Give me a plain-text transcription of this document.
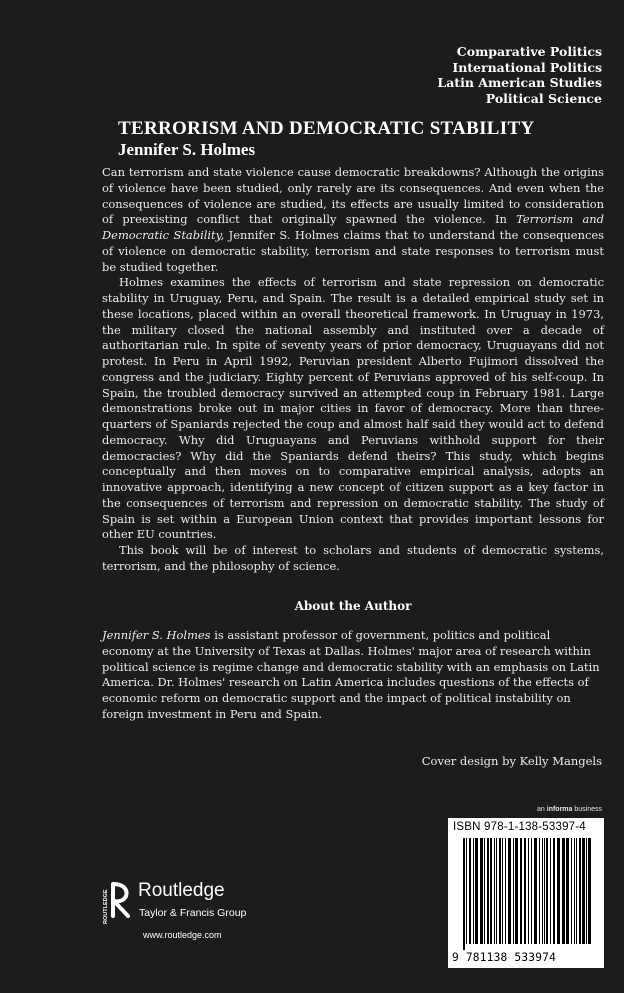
Comparative Politics
International Politics
Latin American Studies
Political Science
TERRORISM AND DEMOCRATIC STABILITY
Jennifer S. Holmes

Can terrorism and state violence cause democratic breakdowns? Although the origins of violence have been studied, only rarely are its consequences. And even when the consequences of violence are studied, its effects are usually limited to consideration of preexisting conflict that originally spawned the violence. In Terrorism and Democratic Stability, Jennifer S. Holmes claims that to understand the consequences of violence on democratic stability, terrorism and state responses to terrorism must be studied together.

Holmes examines the effects of terrorism and state repression on democratic stability in Uruguay, Peru, and Spain. The result is a detailed empirical study set in these locations, placed within an overall theoretical framework. In Uruguay in 1973, the military closed the national assembly and instituted over a decade of authoritarian rule. In spite of seventy years of prior democracy, Uruguayans did not protest. In Peru in April 1992, Peruvian president Alberto Fujimori dissolved the congress and the judiciary. Eighty percent of Peruvians approved of his self-coup. In Spain, the troubled democracy survived an attempted coup in February 1981. Large demonstrations broke out in major cities in favor of democracy. More than three-quarters of Spaniards rejected the coup and almost half said they would act to defend democracy. Why did Uruguayans and Peruvians withhold support for their democracies? Why did the Spaniards defend theirs? This study, which begins conceptually and then moves on to comparative empirical analysis, adopts an innovative approach, identifying a new concept of citizen support as a key factor in the consequences of terrorism and repression on democratic stability. The study of Spain is set within a European Union context that provides important lessons for other EU countries.

This book will be of interest to scholars and students of democratic systems, terrorism, and the philosophy of science.

About the Author
Jennifer S. Holmes is assistant professor of government, politics and political economy at the University of Texas at Dallas. Holmes' major area of research within political science is regime change and democratic stability with an emphasis on Latin America. Dr. Holmes' research on Latin America includes questions of the effects of economic reform on democratic support and the impact of political instability on foreign investment in Peru and Spain.
Cover design by Kelly Mangels
an informa business
ISBN 978-1-138-53397-4
9 781138 533974
ROUTLEDGE Routledge
Taylor & Francis Group
www.routledge.com
